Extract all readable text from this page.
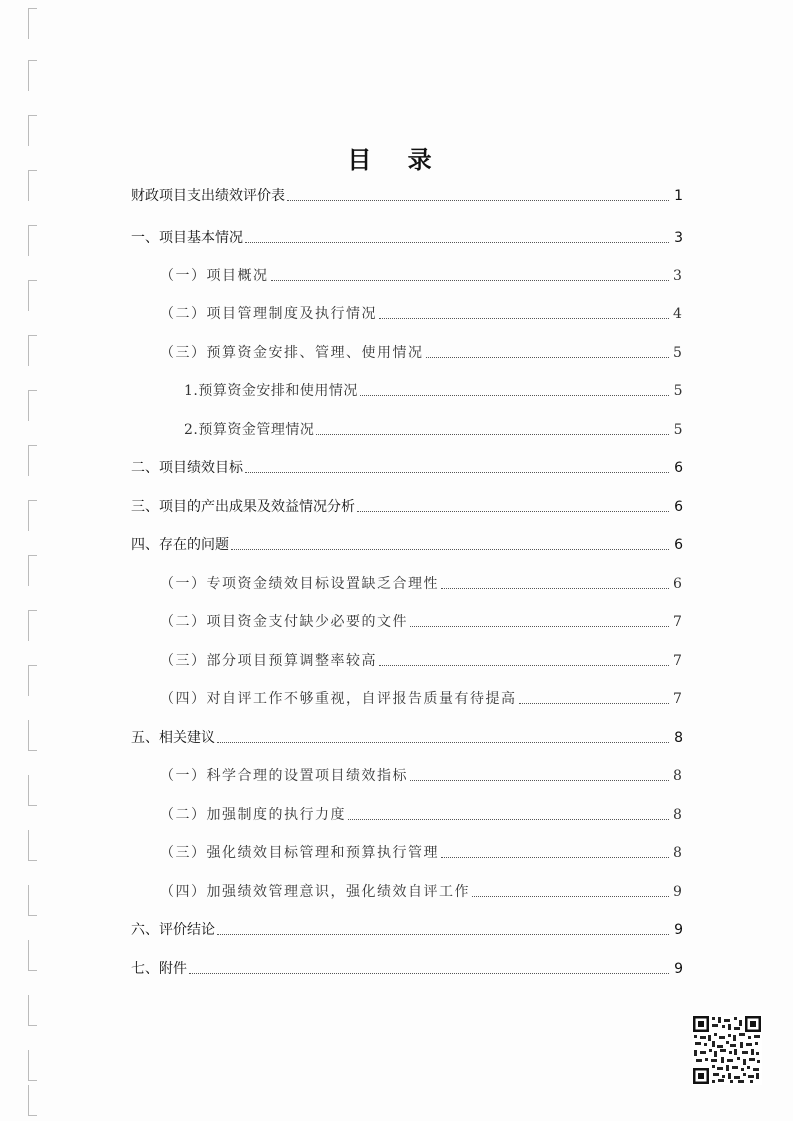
目 录
财政项目支出绩效评价表	1
一、项目基本情况	3
（一）项目概况	3
（二）项目管理制度及执行情况	4
（三）预算资金安排、管理、使用情况	5
1.预算资金安排和使用情况	5
2.预算资金管理情况	5
二、项目绩效目标	6
三、项目的产出成果及效益情况分析	6
四、存在的问题	6
（一）专项资金绩效目标设置缺乏合理性	6
（二）项目资金支付缺少必要的文件	7
（三）部分项目预算调整率较高	7
（四）对自评工作不够重视，自评报告质量有待提高	7
五、相关建议	8
（一）科学合理的设置项目绩效指标	8
（二）加强制度的执行力度	8
（三）强化绩效目标管理和预算执行管理	8
（四）加强绩效管理意识，强化绩效自评工作	9
六、评价结论	9
七、附件	9
